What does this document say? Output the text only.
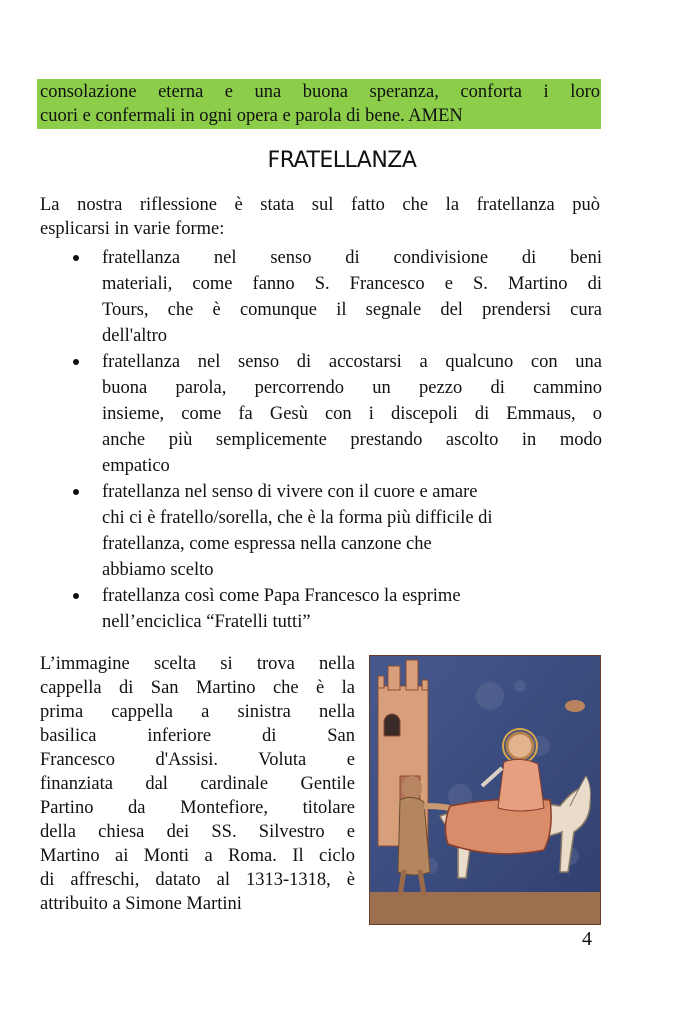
consolazione eterna e una buona speranza, conforta i loro
cuori e confermali in ogni opera e parola di bene. AMEN

FRATELLANZA

La nostra riflessione è stata sul fatto che la fratellanza può
esplicarsi in varie forme:

fratellanza nel senso di condivisione di beni
materiali, come fanno S. Francesco e S. Martino di
Tours, che è comunque il segnale del prendersi cura
dell'altro
fratellanza nel senso di accostarsi a qualcuno con una
buona parola, percorrendo un pezzo di cammino
insieme, come fa Gesù con i discepoli di Emmaus, o
anche più semplicemente prestando ascolto in modo
empatico
fratellanza nel senso di vivere con il cuore e amare
chi ci è fratello/sorella, che è la forma più difficile di
fratellanza, come espressa nella canzone che
abbiamo scelto
fratellanza così come Papa Francesco la esprime
nell’enciclica “Fratelli tutti”

L’immagine scelta si trova nella
cappella di San Martino che è la
prima cappella a sinistra nella
basilica inferiore di San
Francesco d'Assisi. Voluta e
finanziata dal cardinale Gentile
Partino da Montefiore, titolare
della chiesa dei SS. Silvestro e
Martino ai Monti a Roma. Il ciclo
di affreschi, datato al 1313-1318, è
attribuito a Simone Martini

4
